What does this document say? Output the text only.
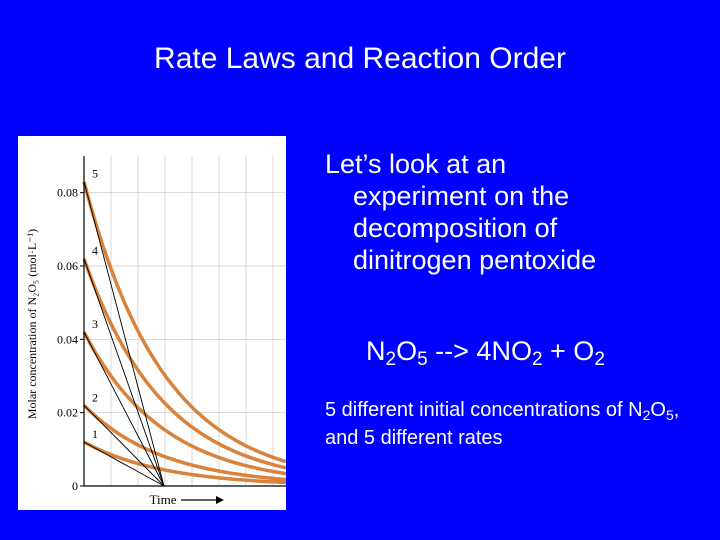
Rate Laws and Reaction Order
0
0.02
0.04
0.06
0.08
1
2
3
4
5
Molar concentration of N₂O₅ (mol·L⁻¹)
Time
Let’s look at an
experiment on the
decomposition of
dinitrogen pentoxide
$N_2O_5$ --> $4NO_2 + O_2$
5 different initial concentrations of $N_2O_5$, and 5 different rates
